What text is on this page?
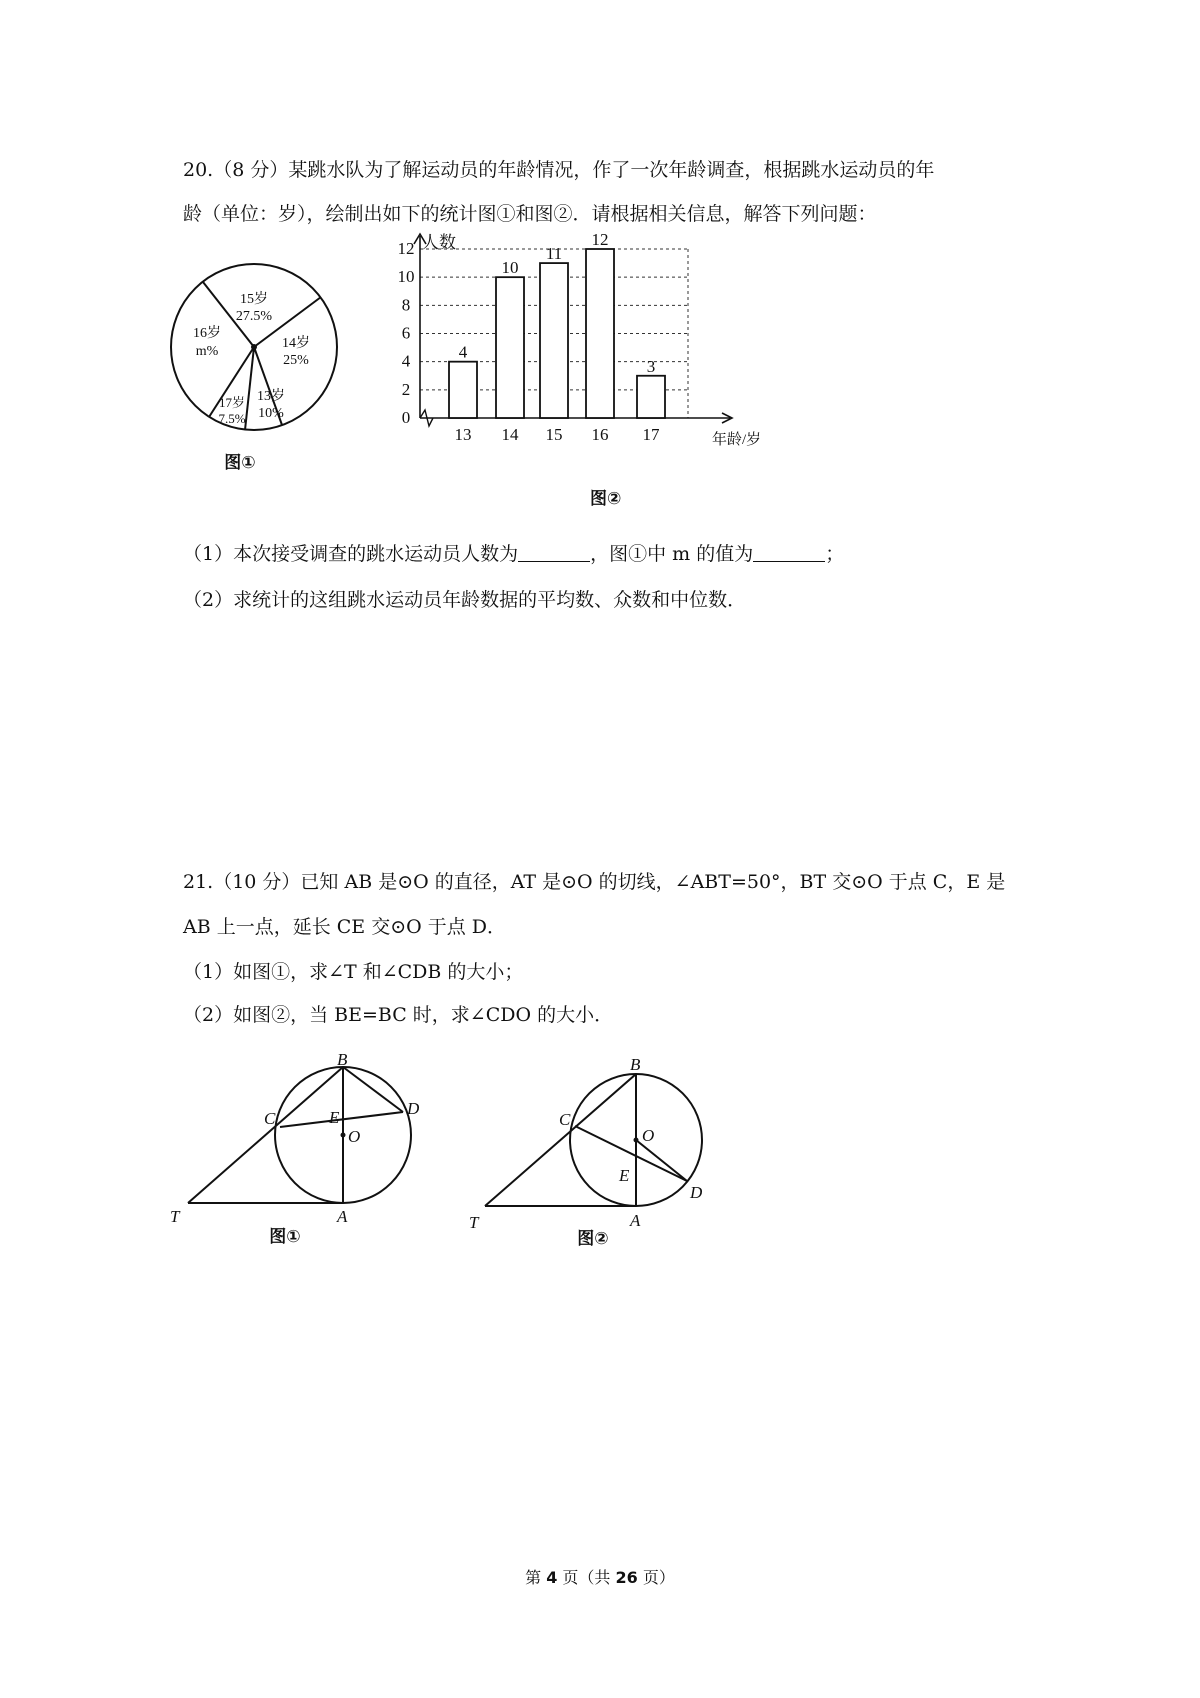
20.（8 分）某跳水队为了解运动员的年龄情况，作了一次年龄调查，根据跳水运动员的年
龄（单位：岁），绘制出如下的统计图①和图②．请根据相关信息，解答下列问题：
15岁
27.5%
14岁
25%
13岁
10%
17岁
7.5%
16岁
m%
图①
0
2
4
6
8
10
12
4
13
10
14
11
15
12
16
3
17
人数
年龄/岁
图②
（1）本次接受调查的跳水运动员人数为	，图①中 m 的值为	；
（2）求统计的这组跳水运动员年龄数据的平均数、众数和中位数．
21.（10 分）已知 AB 是⊙O 的直径，AT 是⊙O 的切线，∠ABT=50°，BT 交⊙O 于点 C，E 是
AB 上一点，延长 CE 交⊙O 于点 D．
（1）如图①，求∠T 和∠CDB 的大小；
（2）如图②，当 BE=BC 时，求∠CDO 的大小．
B
D
E
C
O
T	A
图①
B
C
O
E
D
T	A
图②
第 4 页（共 26 页）
